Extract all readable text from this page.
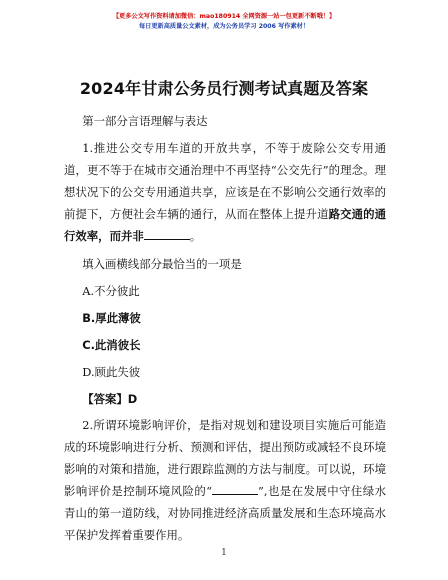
【更多公文写作资料请加微信：mao180914 全网资源一站一包更新不断哦！】
每日更新高质量公文素材，成为公务员学习 2006 写作素材！
2024年甘肃公务员行测考试真题及答案

第一部分言语理解与表达

1.推进公交专用车道的开放共享，不等于废除公交专用通道，更不等于在城市交通治理中不再坚持“公交先行”的理念。理想状况下的公交专用通道共享，应该是在不影响公交通行效率的前提下，方便社会车辆的通行，从而在整体上提升道路交通的通行效率，而并非	。

填入画横线部分最恰当的一项是

A.不分彼此

B.厚此薄彼

C.此消彼长

D.顾此失彼

【答案】D

2.所谓环境影响评价，是指对规划和建设项目实施后可能造成的环境影响进行分析、预测和评估，提出预防或减轻不良环境影响的对策和措施，进行跟踪监测的方法与制度。可以说，环境影响评价是控制环境风险的“	”,也是在发展中守住绿水青山的第一道防线，对协同推进经济高质量发展和生态环境高水平保护发挥着重要作用。

1
